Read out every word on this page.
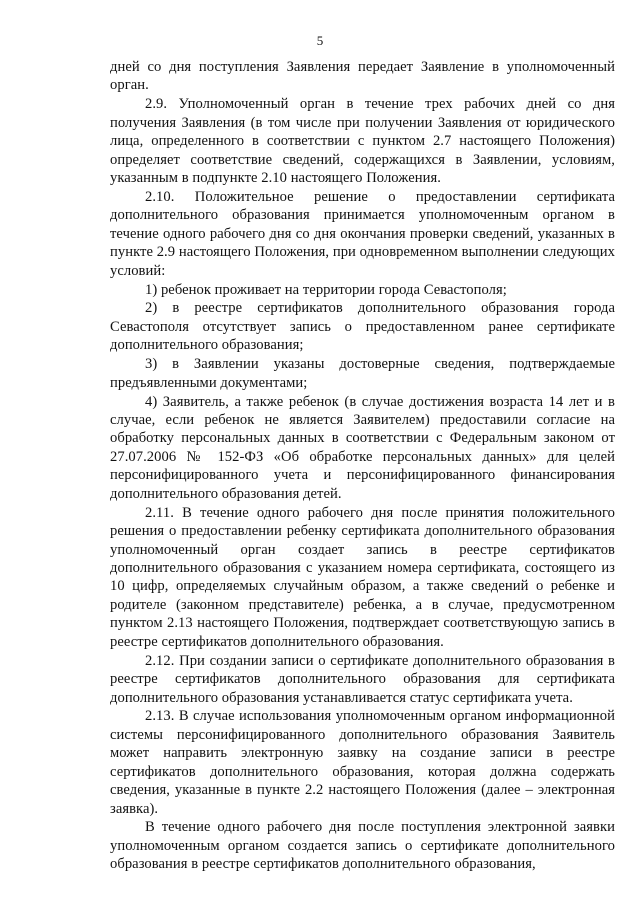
5

дней со дня поступления Заявления передает Заявление в уполномоченный орган.

2.9. Уполномоченный орган в течение трех рабочих дней со дня получения Заявления (в том числе при получении Заявления от юридического лица, определенного в соответствии с пунктом 2.7 настоящего Положения) определяет соответствие сведений, содержащихся в Заявлении, условиям, указанным в подпункте 2.10 настоящего Положения.

2.10. Положительное решение о предоставлении сертификата дополнительного образования принимается уполномоченным органом в течение одного рабочего дня со дня окончания проверки сведений, указанных в пункте 2.9 настоящего Положения, при одновременном выполнении следующих условий:

1) ребенок проживает на территории города Севастополя;

2) в реестре сертификатов дополнительного образования города Севастополя отсутствует запись о предоставленном ранее сертификате дополнительного образования;

3) в Заявлении указаны достоверные сведения, подтверждаемые предъявленными документами;

4) Заявитель, а также ребенок (в случае достижения возраста 14 лет и в случае, если ребенок не является Заявителем) предоставили согласие на обработку персональных данных в соответствии с Федеральным законом от 27.07.2006 № 152-ФЗ «Об обработке персональных данных» для целей персонифицированного учета и персонифицированного финансирования дополнительного образования детей.

2.11. В течение одного рабочего дня после принятия положительного решения о предоставлении ребенку сертификата дополнительного образования уполномоченный орган создает запись в реестре сертификатов дополнительного образования с указанием номера сертификата, состоящего из 10 цифр, определяемых случайным образом, а также сведений о ребенке и родителе (законном представителе) ребенка, а в случае, предусмотренном пунктом 2.13 настоящего Положения, подтверждает соответствующую запись в реестре сертификатов дополнительного образования.

2.12. При создании записи о сертификате дополнительного образования в реестре сертификатов дополнительного образования для сертификата дополнительного образования устанавливается статус сертификата учета.

2.13. В случае использования уполномоченным органом информационной системы персонифицированного дополнительного образования Заявитель может направить электронную заявку на создание записи в реестре сертификатов дополнительного образования, которая должна содержать сведения, указанные в пункте 2.2 настоящего Положения (далее – электронная заявка).

В течение одного рабочего дня после поступления электронной заявки уполномоченным органом создается запись о сертификате дополнительного образования в реестре сертификатов дополнительного образования,
